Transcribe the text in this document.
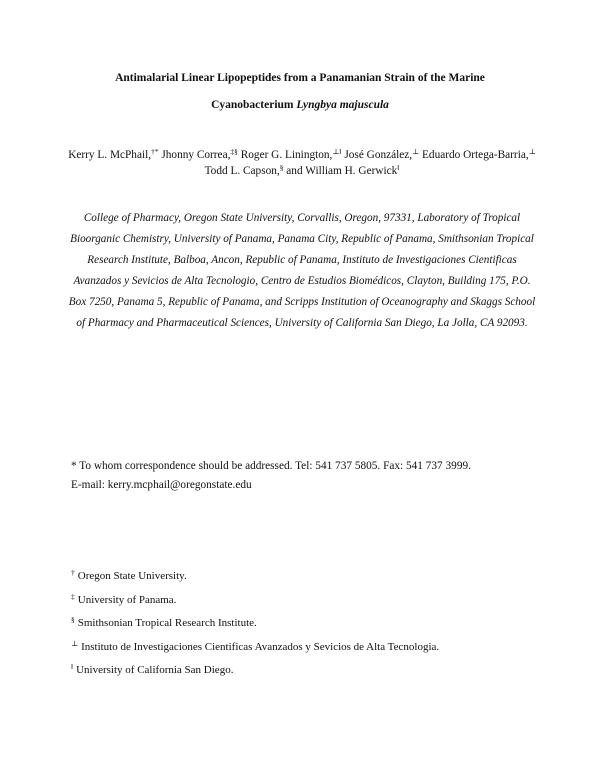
Antimalarial Linear Lipopeptides from a Panamanian Strain of the Marine
Cyanobacterium Lyngbya majuscula
Kerry L. McPhail,†* Jhonny Correa,‡§ Roger G. Linington,⊥‖ José González,⊥ Eduardo Ortega-Barria,⊥ Todd L. Capson,§ and William H. Gerwick‖
College of Pharmacy, Oregon State University, Corvallis, Oregon, 97331, Laboratory of Tropical Bioorganic Chemistry, University of Panama, Panama City, Republic of Panama, Smithsonian Tropical Research Institute, Balboa, Ancon, Republic of Panama, Instituto de Investigaciones Cientificas Avanzados y Sevicios de Alta Tecnologio, Centro de Estudios Biomédicos, Clayton, Building 175, P.O. Box 7250, Panama 5, Republic of Panama, and Scripps Institution of Oceanography and Skaggs School of Pharmacy and Pharmaceutical Sciences, University of California San Diego, La Jolla, CA 92093.
* To whom correspondence should be addressed. Tel: 541 737 5805. Fax: 541 737 3999.
E-mail: kerry.mcphail@oregonstate.edu
† Oregon State University.
‡ University of Panama.
§ Smithsonian Tropical Research Institute.
⊥ Instituto de Investigaciones Cientificas Avanzados y Sevicios de Alta Tecnologia.
‖ University of California San Diego.
